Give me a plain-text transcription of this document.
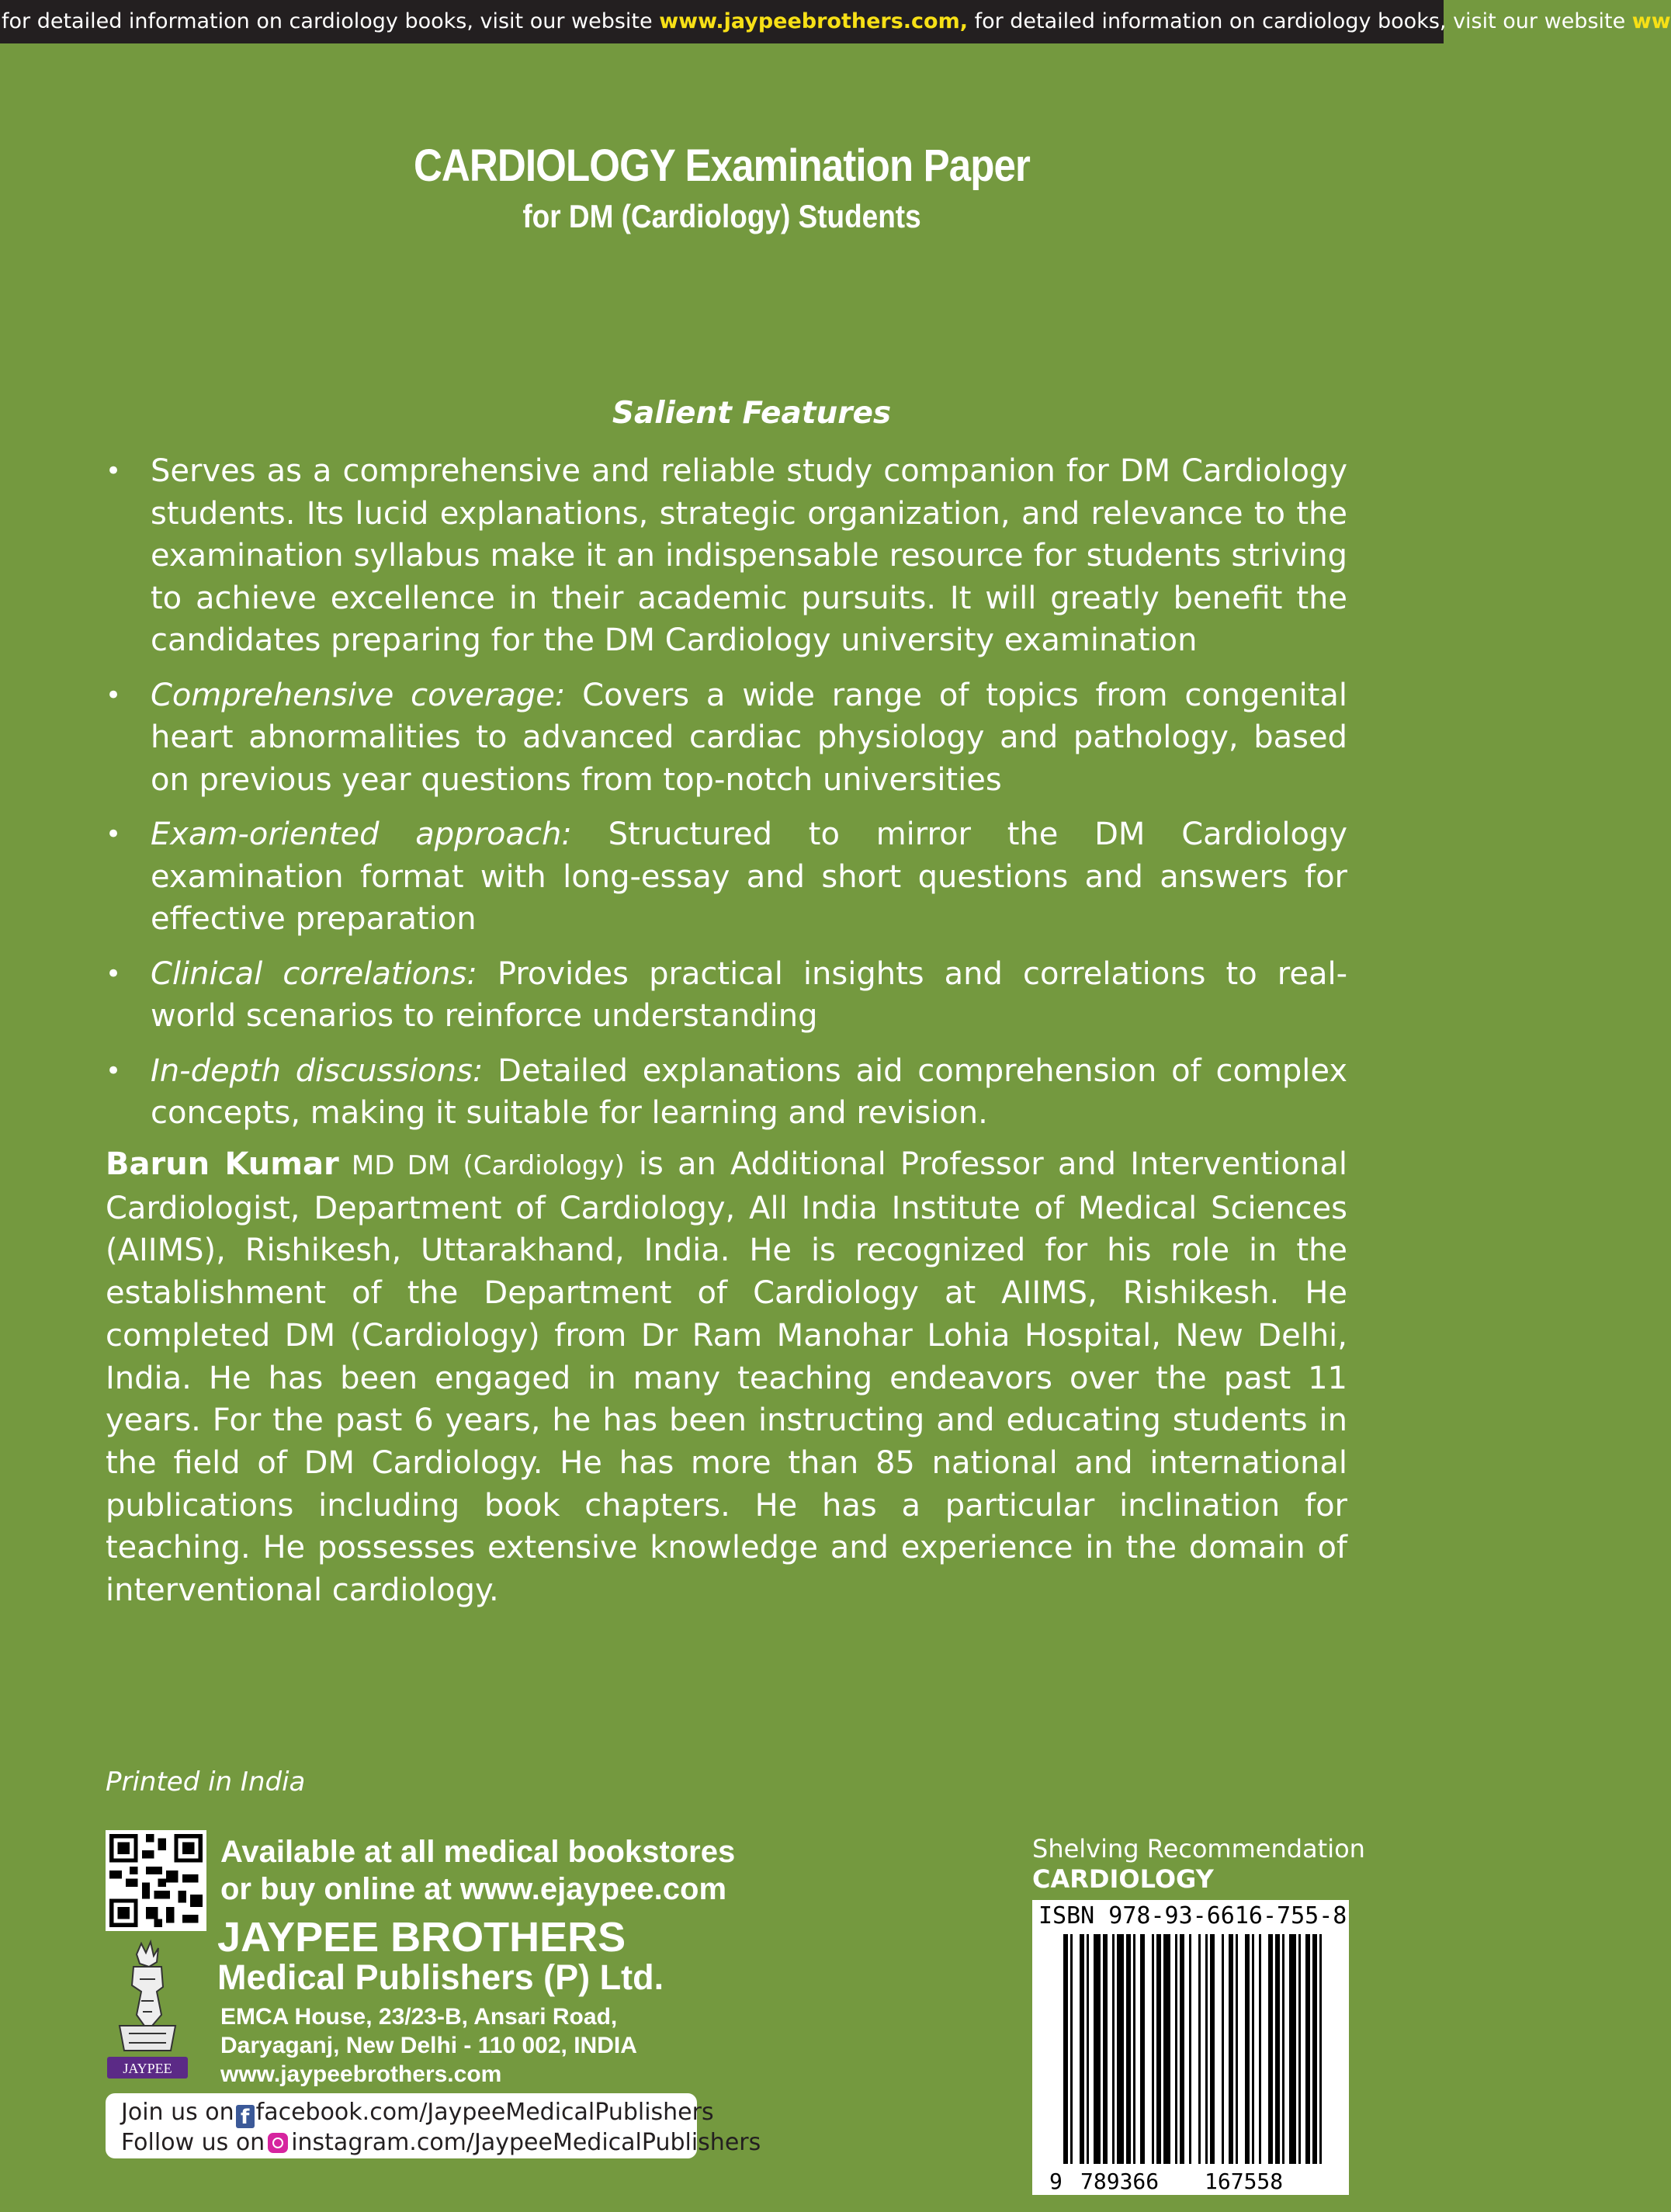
for detailed information on cardiology books, visit our website www.jaypeebrothers.com, for detailed information on cardiology books, visit our website ww
CARDIOLOGY Examination Paper
for DM (Cardiology) Students
Salient Features
• Serves as a comprehensive and reliable study companion for DM Cardiology students. Its lucid explanations, strategic organization, and relevance to the examination syllabus make it an indispensable resource for students striving to achieve excellence in their academic pursuits. It will greatly benefit the candidates preparing for the DM Cardiology university examination
• Comprehensive coverage: Covers a wide range of topics from congenital heart abnormalities to advanced cardiac physiology and pathology, based on previous year questions from top-notch universities
• Exam-oriented approach: Structured to mirror the DM Cardiology examination format with long-essay and short questions and answers for effective preparation
• Clinical correlations: Provides practical insights and correlations to real-world scenarios to reinforce understanding
• In-depth discussions: Detailed explanations aid comprehension of complex concepts, making it suitable for learning and revision.

Barun Kumar MD DM (Cardiology) is an Additional Professor and Interventional Cardiologist, Department of Cardiology, All India Institute of Medical Sciences (AIIMS), Rishikesh, Uttarakhand, India. He is recognized for his role in the establishment of the Department of Cardiology at AIIMS, Rishikesh. He completed DM (Cardiology) from Dr Ram Manohar Lohia Hospital, New Delhi, India. He has been engaged in many teaching endeavors over the past 11 years. For the past 6 years, he has been instructing and educating students in the field of DM Cardiology. He has more than 85 national and international publications including book chapters. He has a particular inclination for teaching. He possesses extensive knowledge and experience in the domain of interventional cardiology.

Printed in India
Available at all medical bookstores
or buy online at www.ejaypee.com
JAYPEE
JAYPEE BROTHERS
Medical Publishers (P) Ltd.
EMCA House, 23/23-B, Ansari Road,
Daryaganj, New Delhi - 110 002, INDIA
www.jaypeebrothers.com
Join us on f facebook.com/JaypeeMedicalPublishers
Follow us on instagram.com/JaypeeMedicalPublishers
Shelving Recommendation
CARDIOLOGY
ISBN 978-93-6616-755-8
9 789366 167558
